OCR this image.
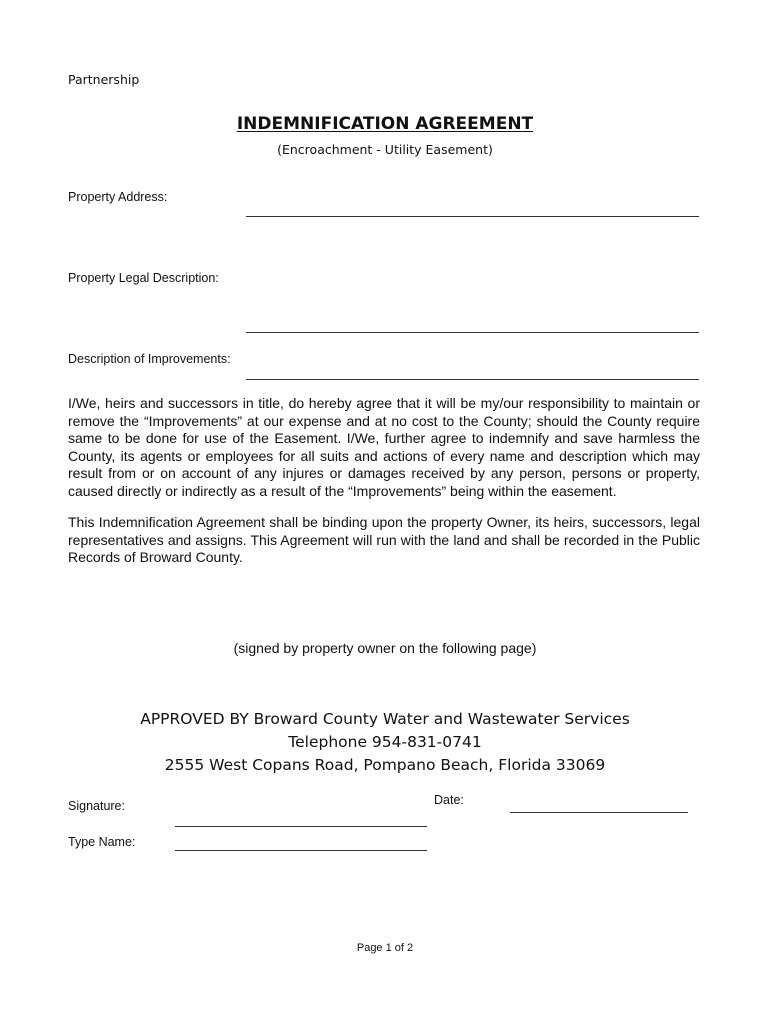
Partnership
INDEMNIFICATION AGREEMENT
(Encroachment - Utility Easement)
Property Address:
Property Legal Description:
Description of Improvements:
I/We, heirs and successors in title, do hereby agree that it will be my/our responsibility to maintain or remove the “Improvements” at our expense and at no cost to the County; should the County require same to be done for use of the Easement. I/We, further agree to indemnify and save harmless the County, its agents or employees for all suits and actions of every name and description which may result from or on account of any injures or damages received by any person, persons or property, caused directly or indirectly as a result of the “Improvements” being within the easement.
This Indemnification Agreement shall be binding upon the property Owner, its heirs, successors, legal representatives and assigns. This Agreement will run with the land and shall be recorded in the Public Records of Broward County.
(signed by property owner on the following page)
APPROVED BY Broward County Water and Wastewater Services
Telephone 954-831-0741
2555 West Copans Road, Pompano Beach, Florida 33069
Signature:	Date:
Type Name:
Page 1 of 2
